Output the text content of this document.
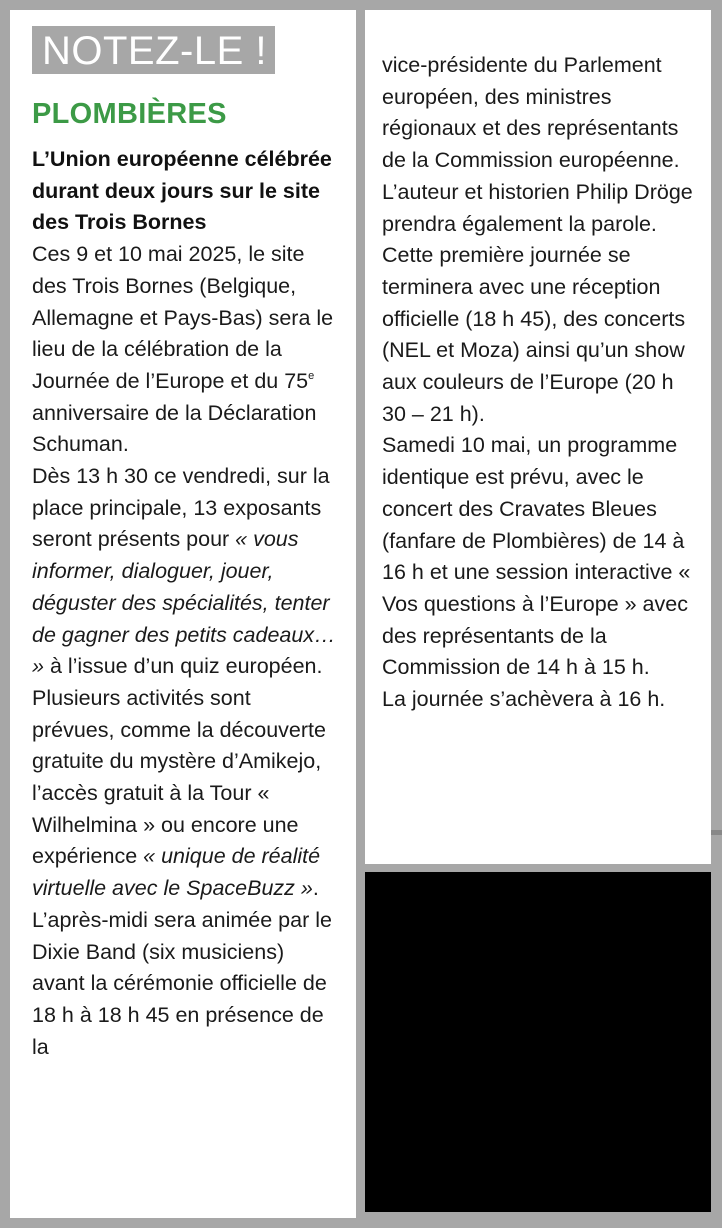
NOTEZ-LE !
PLOMBIÈRES
L’Union européenne célébrée durant deux jours sur le site des Trois Bornes

Ces 9 et 10 mai 2025, le site des Trois Bornes (Belgique, Allemagne et Pays-Bas) sera le lieu de la célébration de la Journée de l’Europe et du 75e anniversaire de la Déclaration Schuman.

Dès 13 h 30 ce vendredi, sur la place principale, 13 exposants seront présents pour « vous informer, dialoguer, jouer, déguster des spécialités, tenter de gagner des petits cadeaux… » à l’issue d’un quiz européen.

Plusieurs activités sont prévues, comme la découverte gratuite du mystère d’Amikejo, l’accès gratuit à la Tour « Wilhelmina » ou encore une expérience « unique de réalité virtuelle avec le SpaceBuzz ». L’après-midi sera animée par le Dixie Band (six musiciens) avant la cérémonie officielle de 18 h à 18 h 45 en présence de la

vice-présidente du Parlement européen, des ministres régionaux et des représentants de la Commission européenne.

L’auteur et historien Philip Dröge prendra également la parole.

Cette première journée se terminera avec une réception officielle (18 h 45), des concerts (NEL et Moza) ainsi qu’un show aux couleurs de l’Europe (20 h 30 – 21 h).

Samedi 10 mai, un programme identique est prévu, avec le concert des Cravates Bleues (fanfare de Plombières) de 14 à 16 h et une session interactive « Vos questions à l’Europe » avec des représentants de la Commission de 14 h à 15 h.

La journée s’achèvera à 16 h.
